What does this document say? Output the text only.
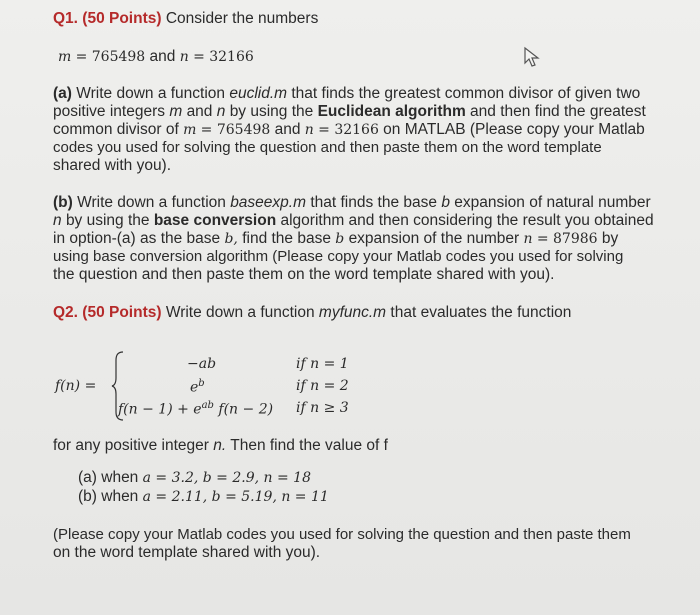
Q1. (50 Points) Consider the numbers
m = 765498 and n = 32166
(a) Write down a function euclid.m that finds the greatest common divisor of given two
positive integers m and n by using the Euclidean algorithm and then find the greatest
common divisor of m = 765498 and n = 32166 on MATLAB (Please copy your Matlab
codes you used for solving the question and then paste them on the word template
shared with you).
(b) Write down a function baseexp.m that finds the base b expansion of natural number
n by using the base conversion algorithm and then considering the result you obtained
in option-(a) as the base b, find the base b expansion of the number n = 87986 by
using base conversion algorithm (Please copy your Matlab codes you used for solving
the question and then paste them on the word template shared with you).
Q2. (50 Points) Write down a function myfunc.m that evaluates the function
f(n) =
−ab	if n = 1
$e^b$	if n = 2
$f(n - 1) + e^{ab}$ f(n − 2) if n ≥ 3
for any positive integer n. Then find the value of f
(a) when a = 3.2, b = 2.9, n = 18
(b) when a = 2.11, b = 5.19, n = 11
(Please copy your Matlab codes you used for solving the question and then paste them
on the word template shared with you).
